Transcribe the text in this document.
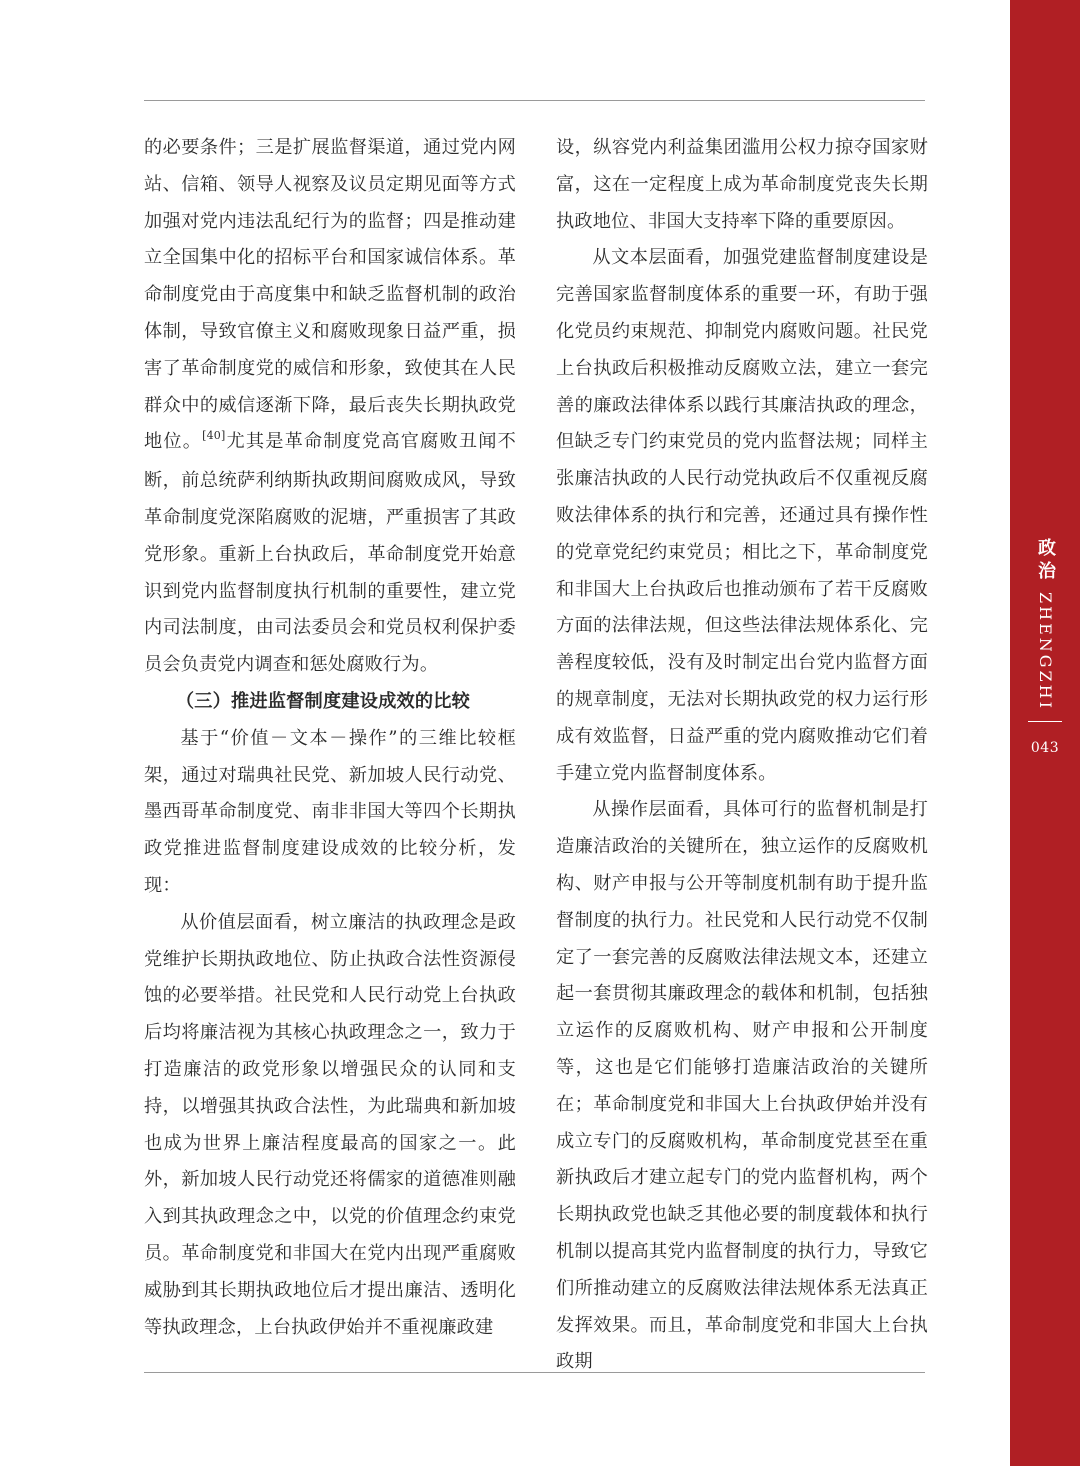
的必要条件；三是扩展监督渠道，通过党内网站、信箱、领导人视察及议员定期见面等方式加强对党内违法乱纪行为的监督；四是推动建立全国集中化的招标平台和国家诚信体系。革命制度党由于高度集中和缺乏监督机制的政治体制，导致官僚主义和腐败现象日益严重，损害了革命制度党的威信和形象，致使其在人民群众中的威信逐渐下降，最后丧失长期执政党地位。[40]尤其是革命制度党高官腐败丑闻不断，前总统萨利纳斯执政期间腐败成风，导致革命制度党深陷腐败的泥塘，严重损害了其政党形象。重新上台执政后，革命制度党开始意识到党内监督制度执行机制的重要性，建立党内司法制度，由司法委员会和党员权利保护委员会负责党内调查和惩处腐败行为。

（三）推进监督制度建设成效的比较

基于“价值－文本－操作”的三维比较框架，通过对瑞典社民党、新加坡人民行动党、墨西哥革命制度党、南非非国大等四个长期执政党推进监督制度建设成效的比较分析，发现：

从价值层面看，树立廉洁的执政理念是政党维护长期执政地位、防止执政合法性资源侵蚀的必要举措。社民党和人民行动党上台执政后均将廉洁视为其核心执政理念之一，致力于打造廉洁的政党形象以增强民众的认同和支持，以增强其执政合法性，为此瑞典和新加坡也成为世界上廉洁程度最高的国家之一。此外，新加坡人民行动党还将儒家的道德准则融入到其执政理念之中，以党的价值理念约束党员。革命制度党和非国大在党内出现严重腐败威胁到其长期执政地位后才提出廉洁、透明化等执政理念，上台执政伊始并不重视廉政建

设，纵容党内利益集团滥用公权力掠夺国家财富，这在一定程度上成为革命制度党丧失长期执政地位、非国大支持率下降的重要原因。

从文本层面看，加强党建监督制度建设是完善国家监督制度体系的重要一环，有助于强化党员约束规范、抑制党内腐败问题。社民党上台执政后积极推动反腐败立法，建立一套完善的廉政法律体系以践行其廉洁执政的理念，但缺乏专门约束党员的党内监督法规；同样主张廉洁执政的人民行动党执政后不仅重视反腐败法律体系的执行和完善，还通过具有操作性的党章党纪约束党员；相比之下，革命制度党和非国大上台执政后也推动颁布了若干反腐败方面的法律法规，但这些法律法规体系化、完善程度较低，没有及时制定出台党内监督方面的规章制度，无法对长期执政党的权力运行形成有效监督，日益严重的党内腐败推动它们着手建立党内监督制度体系。

从操作层面看，具体可行的监督机制是打造廉洁政治的关键所在，独立运作的反腐败机构、财产申报与公开等制度机制有助于提升监督制度的执行力。社民党和人民行动党不仅制定了一套完善的反腐败法律法规文本，还建立起一套贯彻其廉政理念的载体和机制，包括独立运作的反腐败机构、财产申报和公开制度等，这也是它们能够打造廉洁政治的关键所在；革命制度党和非国大上台执政伊始并没有成立专门的反腐败机构，革命制度党甚至在重新执政后才建立起专门的党内监督机构，两个长期执政党也缺乏其他必要的制度载体和执行机制以提高其党内监督制度的执行力，导致它们所推动建立的反腐败法律法规体系无法真正发挥效果。而且，革命制度党和非国大上台执政期

政治
ZHENGZHI
043
